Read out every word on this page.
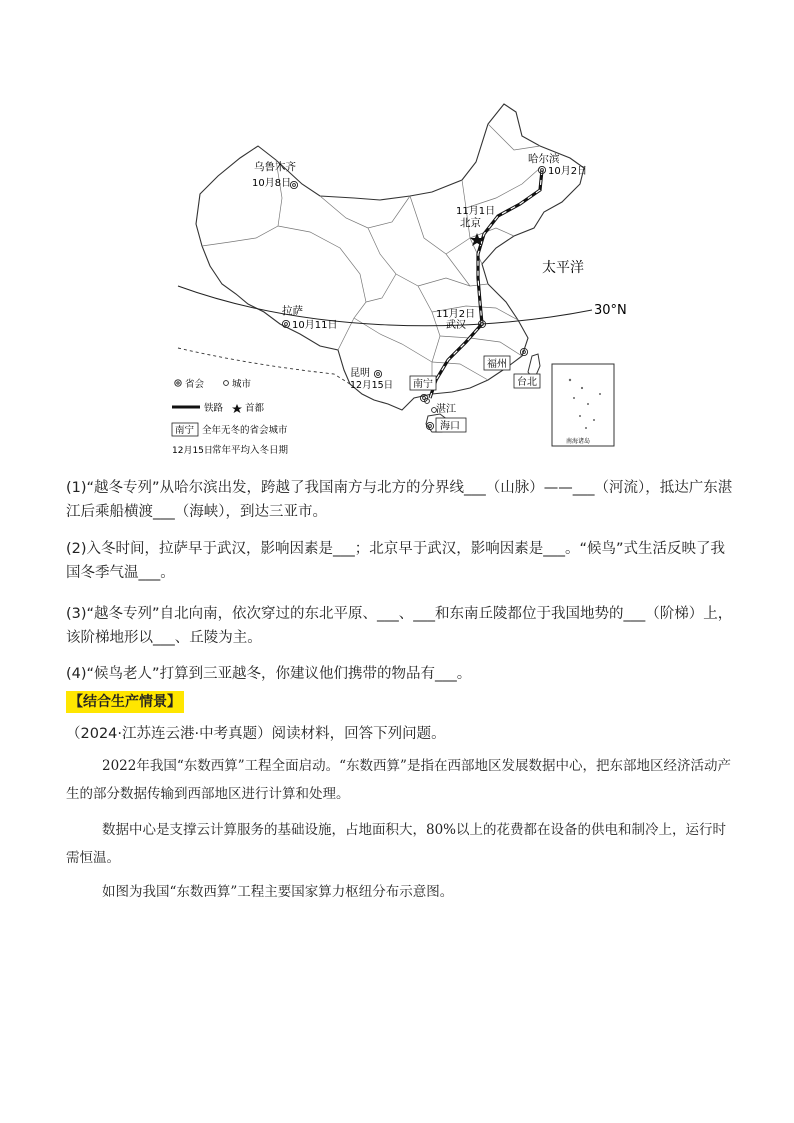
南海诸岛
哈尔滨
10月2日
乌鲁木齐
10月8日
11月1日
北京
太平洋
30°N
拉萨
10月11日
11月2日
武汉
昆明
12月15日 南宁
福州
台北
湛江
海口
省会	城市
铁路 首都
南宁 全年无冬的省会城市
12月15日 常年平均入冬日期

(1)“越冬专列”从哈尔滨出发，跨越了我国南方与北方的分界线___（山脉）——___（河流），抵达广东湛江后乘船横渡___（海峡），到达三亚市。

(2)入冬时间，拉萨早于武汉，影响因素是___；北京早于武汉，影响因素是___。“候鸟”式生活反映了我国冬季气温___。

(3)“越冬专列”自北向南，依次穿过的东北平原、___、___和东南丘陵都位于我国地势的___（阶梯）上，该阶梯地形以___、丘陵为主。

(4)“候鸟老人”打算到三亚越冬，你建议他们携带的物品有___。

【结合生产情景】

（2024·江苏连云港·中考真题）阅读材料，回答下列问题。

2022年我国“东数西算”工程全面启动。“东数西算”是指在西部地区发展数据中心，把东部地区经济活动产生的部分数据传输到西部地区进行计算和处理。

数据中心是支撑云计算服务的基础设施，占地面积大，80%以上的花费都在设备的供电和制冷上，运行时需恒温。

如图为我国“东数西算”工程主要国家算力枢纽分布示意图。
